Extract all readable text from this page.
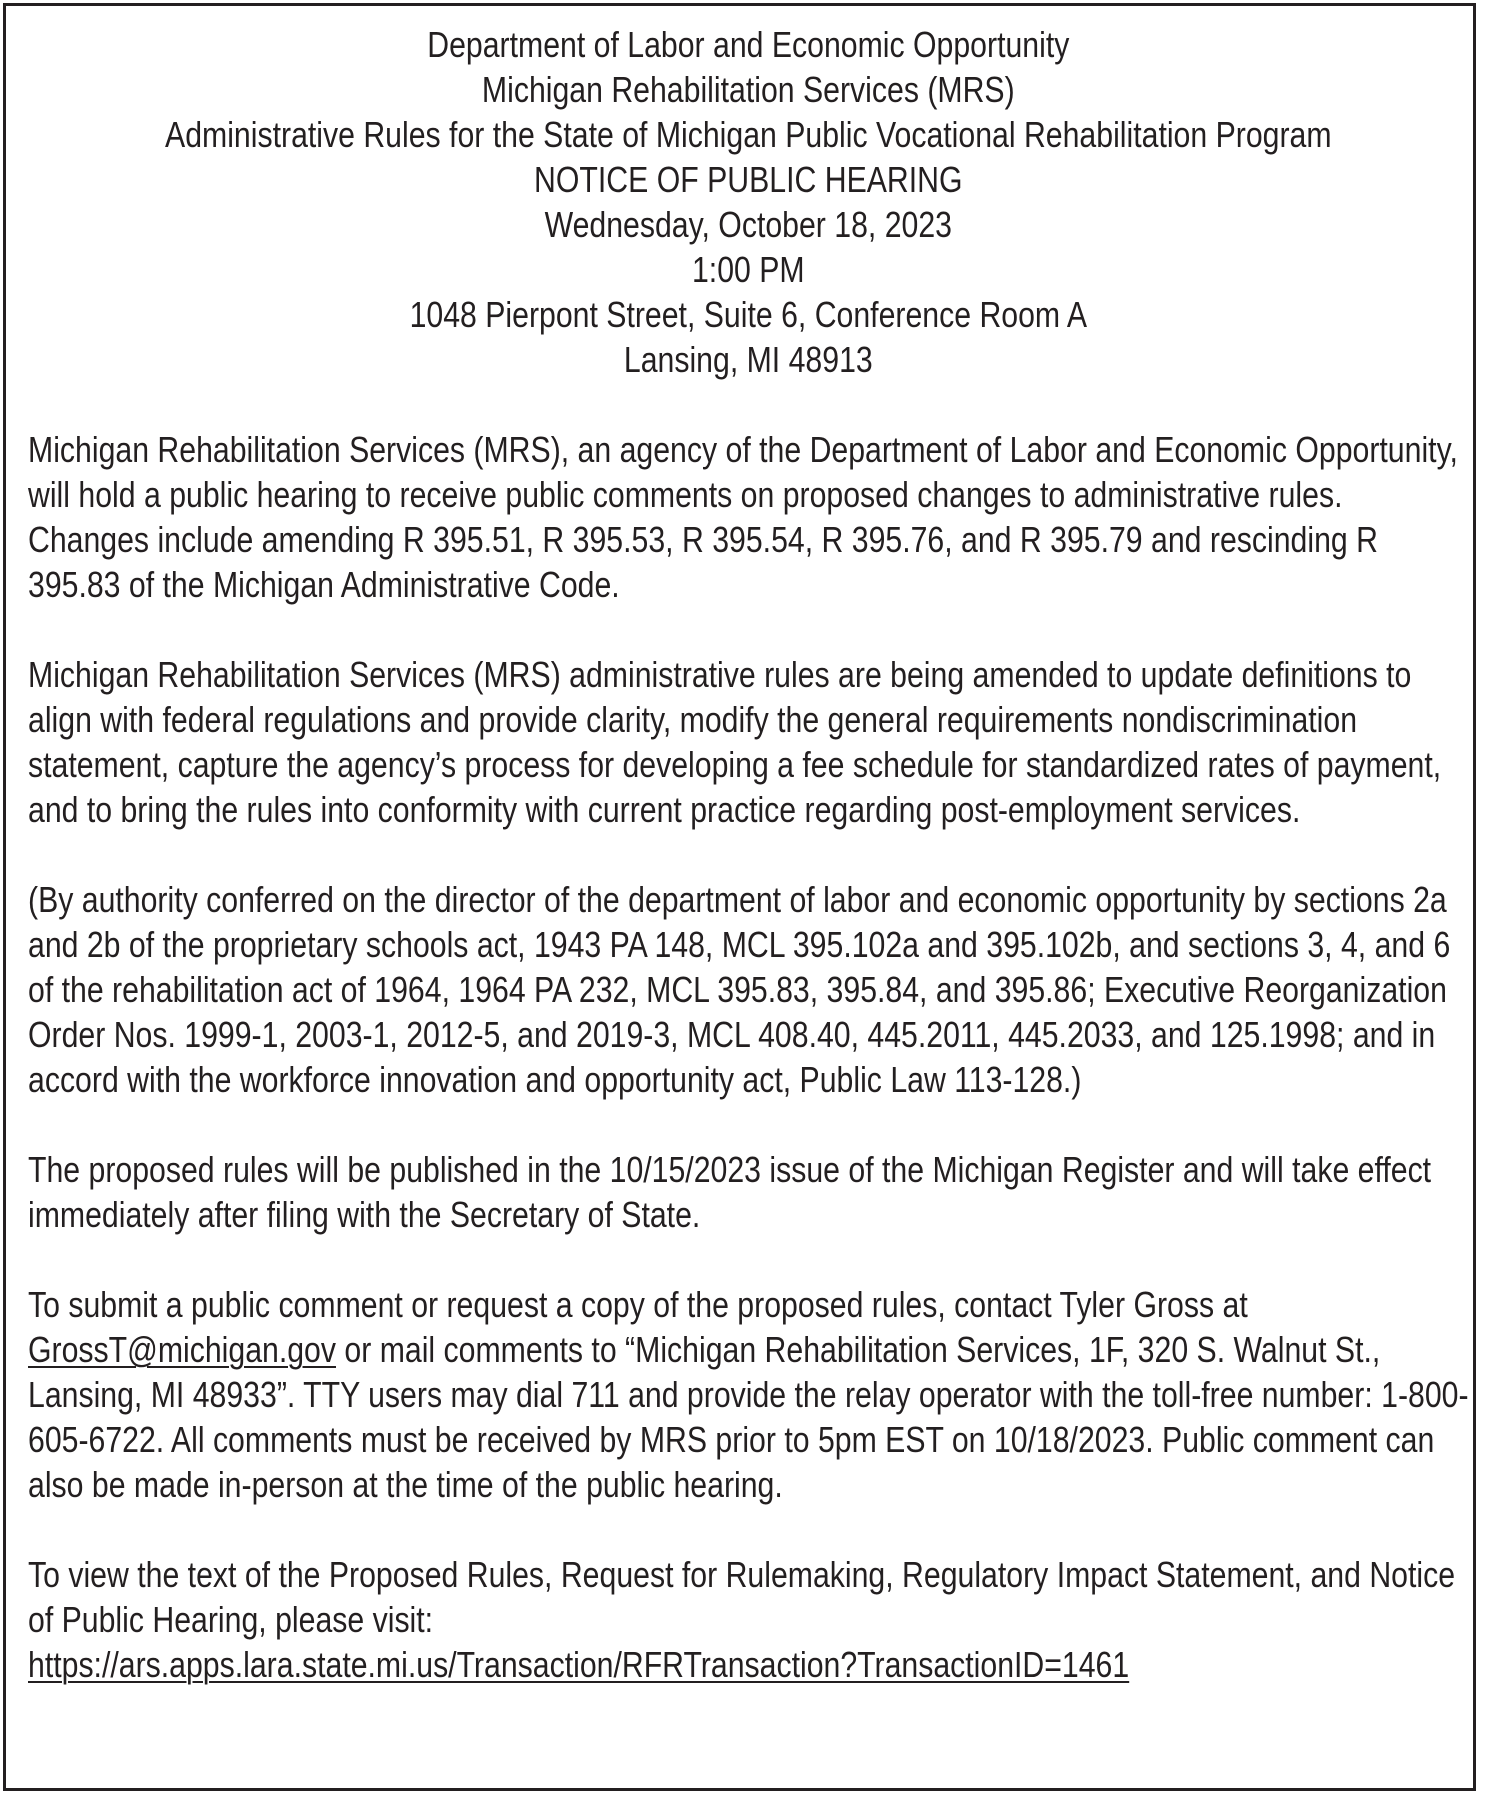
Department of Labor and Economic Opportunity
Michigan Rehabilitation Services (MRS)
Administrative Rules for the State of Michigan Public Vocational Rehabilitation Program
NOTICE OF PUBLIC HEARING
Wednesday, October 18, 2023
1:00 PM
1048 Pierpont Street, Suite 6, Conference Room A
Lansing, MI 48913

Michigan Rehabilitation Services (MRS), an agency of the Department of Labor and Economic Opportunity, will hold a public hearing to receive public comments on proposed changes to administrative rules. Changes include amending R 395.51, R 395.53, R 395.54, R 395.76, and R 395.79 and rescinding R 395.83 of the Michigan Administrative Code.

Michigan Rehabilitation Services (MRS) administrative rules are being amended to update definitions to align with federal regulations and provide clarity, modify the general requirements nondiscrimination statement, capture the agency’s process for developing a fee schedule for standardized rates of payment, and to bring the rules into conformity with current practice regarding post-employment services.

(By authority conferred on the director of the department of labor and economic opportunity by sections 2a and 2b of the proprietary schools act, 1943 PA 148, MCL 395.102a and 395.102b, and sections 3, 4, and 6 of the rehabilitation act of 1964, 1964 PA 232, MCL 395.83, 395.84, and 395.86; Executive Reorganization Order Nos. 1999-1, 2003-1, 2012-5, and 2019-3, MCL 408.40, 445.2011, 445.2033, and 125.1998; and in accord with the workforce innovation and opportunity act, Public Law 113-128.)

The proposed rules will be published in the 10/15/2023 issue of the Michigan Register and will take effect immediately after filing with the Secretary of State.

To submit a public comment or request a copy of the proposed rules, contact Tyler Gross at GrossT@michigan.gov or mail comments to “Michigan Rehabilitation Services, 1F, 320 S. Walnut St., Lansing, MI 48933”. TTY users may dial 711 and provide the relay operator with the toll-free number: 1-800-605-6722. All comments must be received by MRS prior to 5pm EST on 10/18/2023. Public comment can also be made in-person at the time of the public hearing.

To view the text of the Proposed Rules, Request for Rulemaking, Regulatory Impact Statement, and Notice of Public Hearing, please visit:
https://ars.apps.lara.state.mi.us/Transaction/RFRTransaction?TransactionID=1461
